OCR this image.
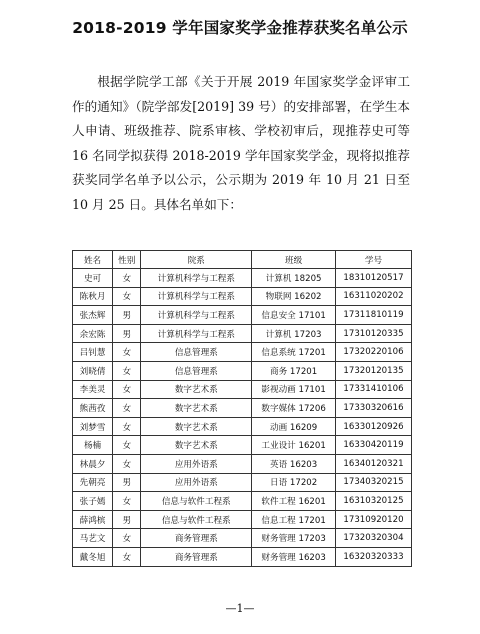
2018-2019 学年国家奖学金推荐获奖名单公示

根据学院学工部《关于开展 2019 年国家奖学金评审工作的通知》（院学部发[2019] 39 号）的安排部署，在学生本人申请、班级推荐、院系审核、学校初审后，现推荐史可等 16 名同学拟获得 2018-2019 学年国家奖学金，现将拟推荐获奖同学名单予以公示，公示期为 2019 年 10 月 21 日至 10 月 25 日。具体名单如下：

姓名	性别	院系	班级	学号
史可	女	计算机科学与工程系	计算机 18205	18310120517
陈秋月	女	计算机科学与工程系	物联网 16202	16311020202
张杰辉	男	计算机科学与工程系	信息安全 17101	17311810119
余宏陈	男	计算机科学与工程系	计算机 17203	17310120335
吕钊慧	女	信息管理系	信息系统 17201	17320220106
刘晓倩	女	信息管理系	商务 17201	17320120135
李美灵	女	数字艺术系	影视动画 17101	17331410106
熊茜孜	女	数字艺术系	数字媒体 17206	17330320616
刘梦雪	女	数字艺术系	动画 16209	16330120926
杨楠	女	数字艺术系	工业设计 16201	16330420119
林晨夕	女	应用外语系	英语 16203	16340120321
先朝亮	男	应用外语系	日语 17202	17340320215
张子嫣	女	信息与软件工程系	软件工程 16201	16310320125
薛鸿槟	男	信息与软件工程系	信息工程 17201	17310920120
马艺文	女	商务管理系	财务管理 17203	17320320304
戴冬旭	女	商务管理系	财务管理 16203	16320320333
—1—
